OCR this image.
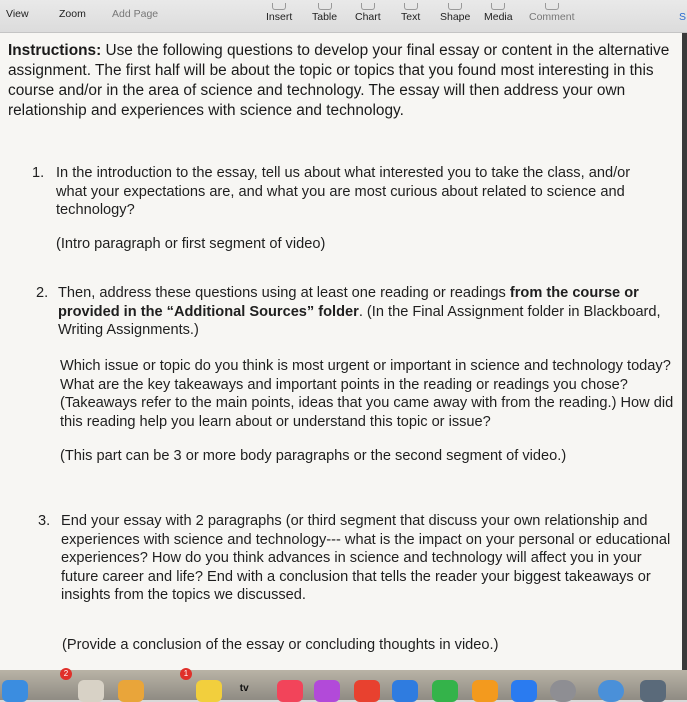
View	Zoom Add Page	Insert Table Chart Text Shape Media Comment	S
Instructions: Use the following questions to develop your final essay or content in the alternative assignment. The first half will be about the topic or topics that you found most interesting in this course and/or in the area of science and technology. The essay will then address your own relationship and experiences with science and technology.
1. In the introduction to the essay, tell us about what interested you to take the class, and/or what your expectations are, and what you are most curious about related to science and technology?
(Intro paragraph or first segment of video)
2. Then, address these questions using at least one reading or readings from the course or provided in the “Additional Sources” folder. (In the Final Assignment folder in Blackboard, Writing Assignments.)
Which issue or topic do you think is most urgent or important in science and technology today? What are the key takeaways and important points in the reading or readings you chose? (Takeaways refer to the main points, ideas that you came away with from the reading.) How did this reading help you learn about or understand this topic or issue?
(This part can be 3 or more body paragraphs or the second segment of video.)
3. End your essay with 2 paragraphs (or third segment that discuss your own relationship and experiences with science and technology--- what is the impact on your personal or educational experiences? How do you think advances in science and technology will affect you in your future career and life? End with a conclusion that tells the reader your biggest takeaways or insights from the topics we discussed.
(Provide a conclusion of the essay or concluding thoughts in video.)
2	1
tv
